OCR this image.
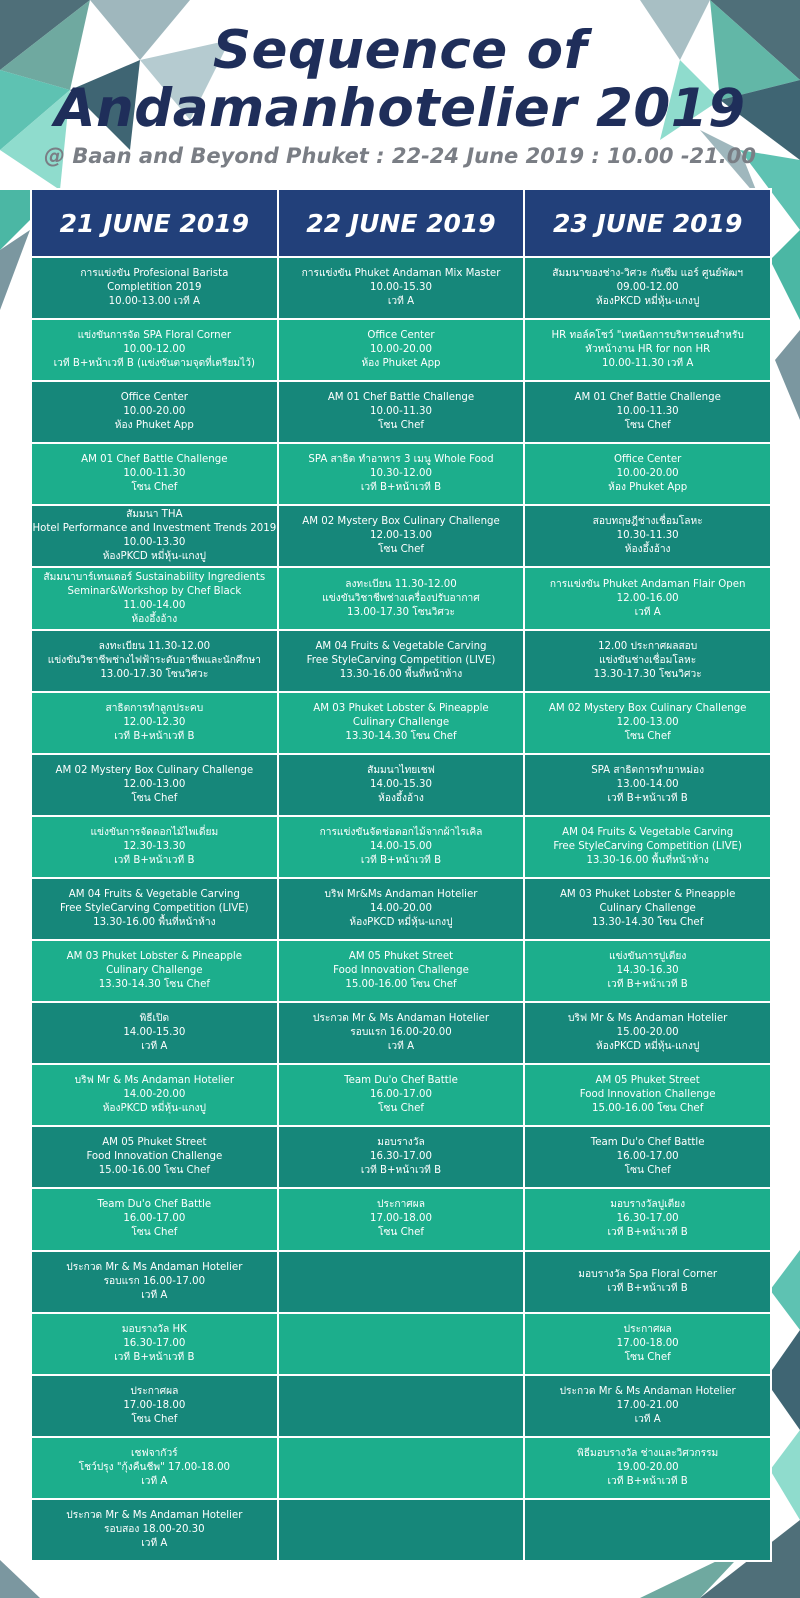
Sequence of
Andamanhotelier 2019
@ Baan and Beyond Phuket : 22-24 June 2019 : 10.00 -21.00
21 JUNE 2019	22 JUNE 2019	23 JUNE 2019
การแข่งขัน Profesional Barista
Completition 2019
10.00-13.00 เวที A
การแข่งขัน Phuket Andaman Mix Master
10.00-15.30
เวที A
สัมมนาของช่าง-วิศวะ กันซึม แอร์ ศูนย์พัฒฯ
09.00-12.00
ห้องPKCD หมี่หุ้น-แกงปู
แข่งขันการจัด SPA Floral Corner
10.00-12.00
เวที B+หน้าเวที B (แข่งขันตามจุดที่เตรียมไว้)
Office Center
10.00-20.00
ห้อง Phuket App
HR ทอล์คโชว์ "เทคนิคการบริหารคนสำหรับ
หัวหน้างาน HR for non HR
10.00-11.30 เวที A
Office Center
10.00-20.00
ห้อง Phuket App
AM 01 Chef Battle Challenge
10.00-11.30
โซน Chef
AM 01 Chef Battle Challenge
10.00-11.30
โซน Chef
AM 01 Chef Battle Challenge
10.00-11.30
โซน Chef
SPA สาธิต ทำอาหาร 3 เมนู Whole Food
10.30-12.00
เวที B+หน้าเวที B
Office Center
10.00-20.00
ห้อง Phuket App
สัมมนา THA
Hotel Performance and Investment Trends 2019
10.00-13.30
ห้องPKCD หมี่หุ้น-แกงปู
AM 02 Mystery Box Culinary Challenge
12.00-13.00
โซน Chef
สอบทฤษฎีช่างเชื่อมโลหะ
10.30-11.30
ห้องอึ้งอ้าง
สัมมนาบาร์เทนเดอร์ Sustainability Ingredients
Seminar&Workshop by Chef Black
11.00-14.00
ห้องอึ้งอ้าง
ลงทะเบียน 11.30-12.00
แข่งขันวิชาชีพช่างเครื่องปรับอากาศ
13.00-17.30 โซนวิศวะ
การแข่งขัน Phuket Andaman Flair Open
12.00-16.00
เวที A
ลงทะเบียน 11.30-12.00
แข่งขันวิชาชีพช่างไฟฟ้าระดับอาชีพและนักศึกษา
13.00-17.30 โซนวิศวะ
AM 04 Fruits & Vegetable Carving
Free StyleCarving Competition (LIVE)
13.30-16.00 พื้นที่หน้าห้าง
12.00 ประกาศผลสอบ
แข่งขันช่างเชื่อมโลหะ
13.30-17.30 โซนวิศวะ
สาธิตการทำลูกประคบ
12.00-12.30
เวที B+หน้าเวที B
AM 03 Phuket Lobster & Pineapple
Culinary Challenge
13.30-14.30 โซน Chef
AM 02 Mystery Box Culinary Challenge
12.00-13.00
โซน Chef
AM 02 Mystery Box Culinary Challenge
12.00-13.00
โซน Chef
สัมมนาไทยเชฟ
14.00-15.30
ห้องอึ้งอ้าง
SPA สาธิตการทำยาหม่อง
13.00-14.00
เวที B+หน้าเวที B
แข่งขันการจัดดอกไม้ไพเดี่ยม
12.30-13.30
เวที B+หน้าเวที B
การแข่งขันจัดช่อดอกไม้จากผ้าไรเคิล
14.00-15.00
เวที B+หน้าเวที B
AM 04 Fruits & Vegetable Carving
Free StyleCarving Competition (LIVE)
13.30-16.00 พื้นที่หน้าห้าง
AM 04 Fruits & Vegetable Carving
Free StyleCarving Competition (LIVE)
13.30-16.00 พื้นที่หน้าห้าง
บริฟ Mr&Ms Andaman Hotelier
14.00-20.00
ห้องPKCD หมี่หุ้น-แกงปู
AM 03 Phuket Lobster & Pineapple
Culinary Challenge
13.30-14.30 โซน Chef
AM 03 Phuket Lobster & Pineapple
Culinary Challenge
13.30-14.30 โซน Chef
AM 05 Phuket Street
Food Innovation Challenge
15.00-16.00 โซน Chef
แข่งขันการปูเตียง
14.30-16.30
เวที B+หน้าเวที B
พิธีเปิด
14.00-15.30
เวที A
ประกวด Mr & Ms Andaman Hotelier
รอบแรก 16.00-20.00
เวที A
บริฟ Mr & Ms Andaman Hotelier
15.00-20.00
ห้องPKCD หมี่หุ้น-แกงปู
บริฟ Mr & Ms Andaman Hotelier
14.00-20.00
ห้องPKCD หมี่หุ้น-แกงปู
Team Du'o Chef Battle
16.00-17.00
โซน Chef
AM 05 Phuket Street
Food Innovation Challenge
15.00-16.00 โซน Chef
AM 05 Phuket Street
Food Innovation Challenge
15.00-16.00 โซน Chef
มอบรางวัล
16.30-17.00
เวที B+หน้าเวที B
Team Du'o Chef Battle
16.00-17.00
โซน Chef
Team Du'o Chef Battle
16.00-17.00
โซน Chef
ประกาศผล
17.00-18.00
โซน Chef
มอบรางวัลปูเตียง
16.30-17.00
เวที B+หน้าเวที B
ประกวด Mr & Ms Andaman Hotelier
รอบแรก 16.00-17.00
เวที A
มอบรางวัล Spa Floral Corner
เวที B+หน้าเวที B
มอบรางวัล HK
16.30-17.00
เวที B+หน้าเวที B
ประกาศผล
17.00-18.00
โซน Chef
ประกาศผล
17.00-18.00
โซน Chef
ประกวด Mr & Ms Andaman Hotelier
17.00-21.00
เวที A
เชฟจากัวร์
โชว์ปรุง "กุ้งคืนชีพ" 17.00-18.00
เวที A
พิธีมอบรางวัล ช่างและวิศวกรรม
19.00-20.00
เวที B+หน้าเวที B
ประกวด Mr & Ms Andaman Hotelier
รอบสอง 18.00-20.30
เวที A
